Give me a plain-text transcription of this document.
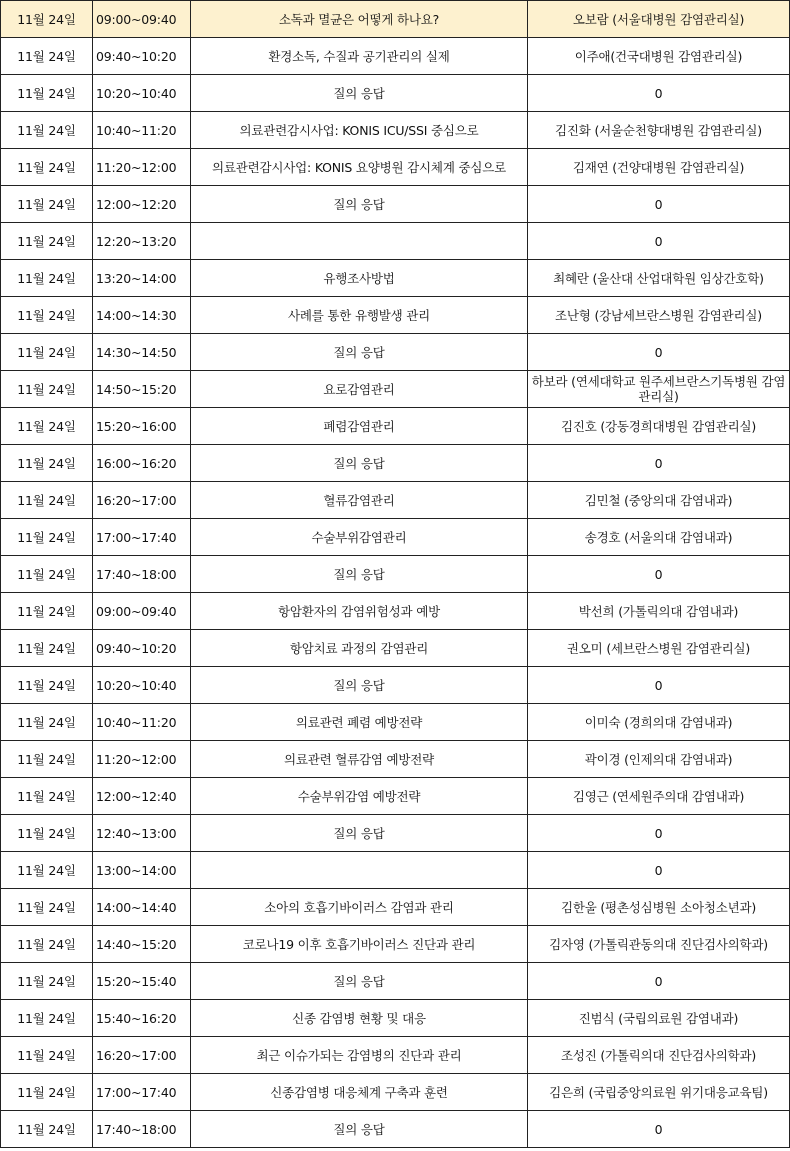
11월 24일	09:00~09:40	소독과 멸균은 어떻게 하나요?	오보람 (서울대병원 감염관리실)
11월 24일	09:40~10:20	환경소독, 수질과 공기관리의 실제	이주애(건국대병원 감염관리실)
11월 24일	10:20~10:40	질의 응답	0
11월 24일	10:40~11:20	의료관련감시사업: KONIS ICU/SSI 중심으로	김진화 (서울순천향대병원 감염관리실)
11월 24일	11:20~12:00	의료관련감시사업: KONIS 요양병원 감시체계 중심으로	김재연 (건양대병원 감염관리실)
11월 24일	12:00~12:20	질의 응답	0
11월 24일	12:20~13:20		0
11월 24일	13:20~14:00	유행조사방법	최혜란 (울산대 산업대학원 임상간호학)
11월 24일	14:00~14:30	사례를 통한 유행발생 관리	조난형 (강남세브란스병원 감염관리실)
11월 24일	14:30~14:50	질의 응답	0
11월 24일	14:50~15:20	요로감염관리	하보라 (연세대학교 원주세브란스기독병원 감염관리실)
11월 24일	15:20~16:00	폐렴감염관리	김진호 (강동경희대병원 감염관리실)
11월 24일	16:00~16:20	질의 응답	0
11월 24일	16:20~17:00	혈류감염관리	김민철 (중앙의대 감염내과)
11월 24일	17:00~17:40	수술부위감염관리	송경호 (서울의대 감염내과)
11월 24일	17:40~18:00	질의 응답	0
11월 24일	09:00~09:40	항암환자의 감염위험성과 예방	박선희 (가톨릭의대 감염내과)
11월 24일	09:40~10:20	항암치료 과정의 감염관리	권오미 (세브란스병원 감염관리실)
11월 24일	10:20~10:40	질의 응답	0
11월 24일	10:40~11:20	의료관련 폐렴 예방전략	이미숙 (경희의대 감염내과)
11월 24일	11:20~12:00	의료관련 혈류감염 예방전략	곽이경 (인제의대 감염내과)
11월 24일	12:00~12:40	수술부위감염 예방전략	김영근 (연세원주의대 감염내과)
11월 24일	12:40~13:00	질의 응답	0
11월 24일	13:00~14:00		0
11월 24일	14:00~14:40	소아의 호흡기바이러스 감염과 관리	김한울 (평촌성심병원 소아청소년과)
11월 24일	14:40~15:20	코로나19 이후 호흡기바이러스 진단과 관리	김자영 (가톨릭관동의대 진단검사의학과)
11월 24일	15:20~15:40	질의 응답	0
11월 24일	15:40~16:20	신종 감염병 현황 및 대응	진범식 (국립의료원 감염내과)
11월 24일	16:20~17:00	최근 이슈가되는 감염병의 진단과 관리	조성진 (가톨릭의대 진단검사의학과)
11월 24일	17:00~17:40	신종감염병 대응체계 구축과 훈련	김은희 (국립중앙의료원 위기대응교육팀)
11월 24일	17:40~18:00	질의 응답	0
